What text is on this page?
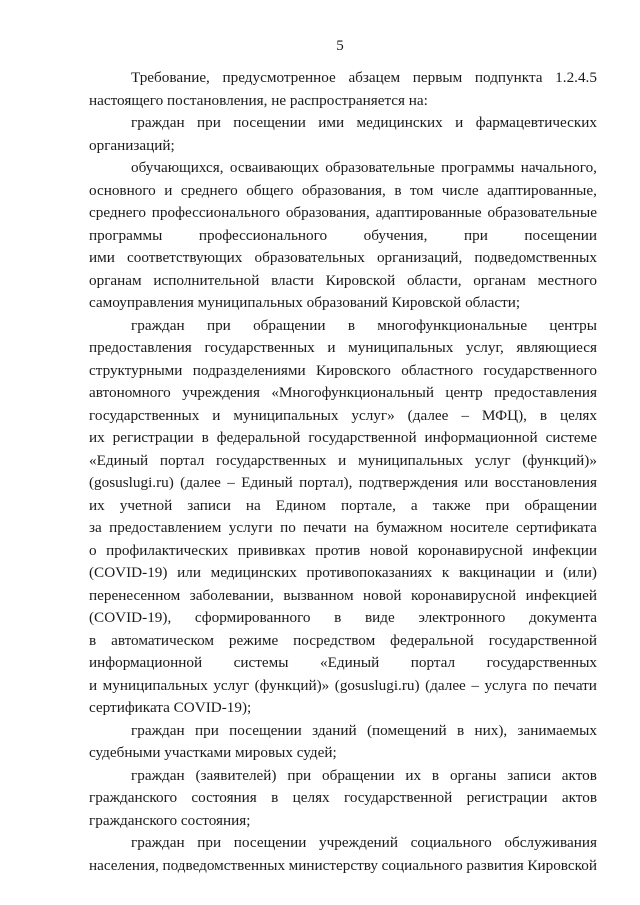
5
Требование, предусмотренное абзацем первым подпункта 1.2.4.5
настоящего постановления, не распространяется на:
граждан при посещении ими медицинских и фармацевтических
организаций;
обучающихся, осваивающих образовательные программы начального,
основного и среднего общего образования, в том числе адаптированные,
среднего профессионального образования, адаптированные образовательные
программы профессионального обучения, при посещении
ими соответствующих образовательных организаций, подведомственных
органам исполнительной власти Кировской области, органам местного
самоуправления муниципальных образований Кировской области;
граждан при обращении в многофункциональные центры
предоставления государственных и муниципальных услуг, являющиеся
структурными подразделениями Кировского областного государственного
автономного учреждения «Многофункциональный центр предоставления
государственных и муниципальных услуг» (далее – МФЦ), в целях
их регистрации в федеральной государственной информационной системе
«Единый портал государственных и муниципальных услуг (функций)»
(gosuslugi.ru) (далее – Единый портал), подтверждения или восстановления
их учетной записи на Едином портале, а также при обращении
за предоставлением услуги по печати на бумажном носителе сертификата
о профилактических прививках против новой коронавирусной инфекции
(COVID-19) или медицинских противопоказаниях к вакцинации и (или)
перенесенном заболевании, вызванном новой коронавирусной инфекцией
(COVID-19), сформированного в виде электронного документа
в автоматическом режиме посредством федеральной государственной
информационной системы «Единый портал государственных
и муниципальных услуг (функций)» (gosuslugi.ru) (далее – услуга по печати
сертификата COVID-19);
граждан при посещении зданий (помещений в них), занимаемых
судебными участками мировых судей;
граждан (заявителей) при обращении их в органы записи актов
гражданского состояния в целях государственной регистрации актов
гражданского состояния;
граждан при посещении учреждений социального обслуживания
населения, подведомственных министерству социального развития Кировской
